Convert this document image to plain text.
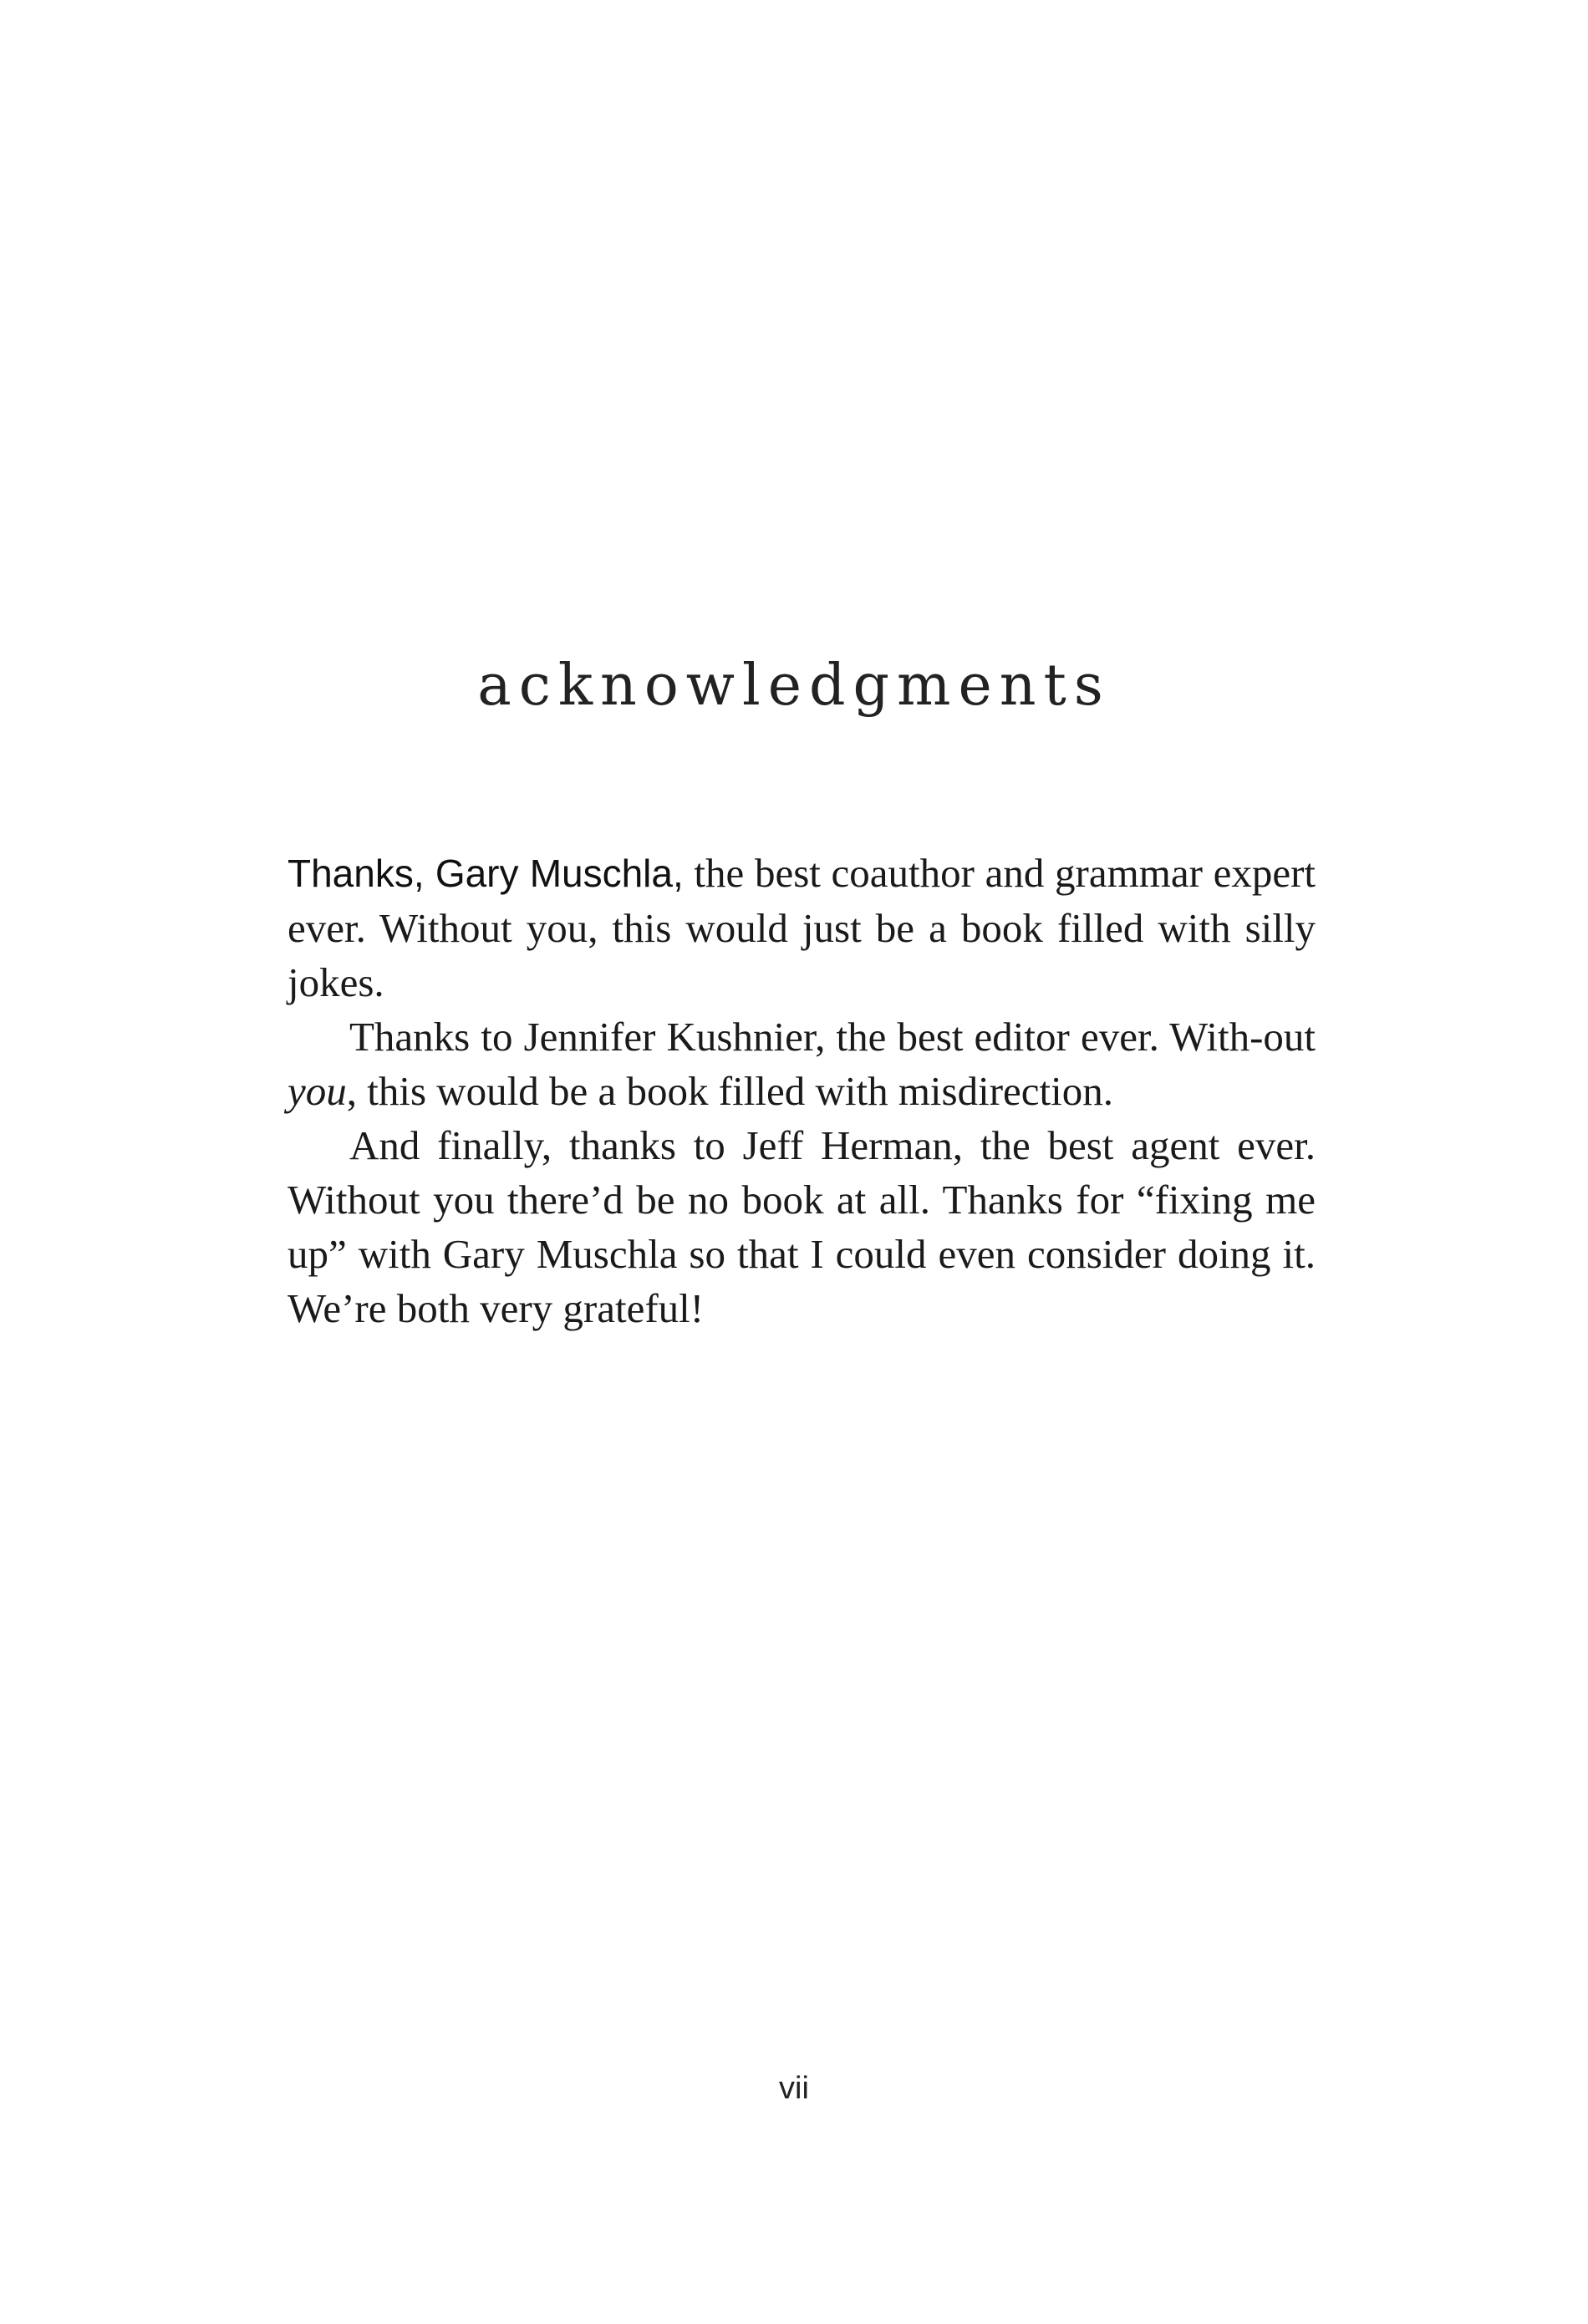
acknowledgments

Thanks, Gary Muschla, the best coauthor and grammar expert ever. Without you, this would just be a book filled with silly jokes.

Thanks to Jennifer Kushnier, the best editor ever. With-out you, this would be a book filled with misdirection.

And finally, thanks to Jeff Herman, the best agent ever. Without you there’d be no book at all. Thanks for “fixing me up” with Gary Muschla so that I could even consider doing it. We’re both very grateful!

vii
